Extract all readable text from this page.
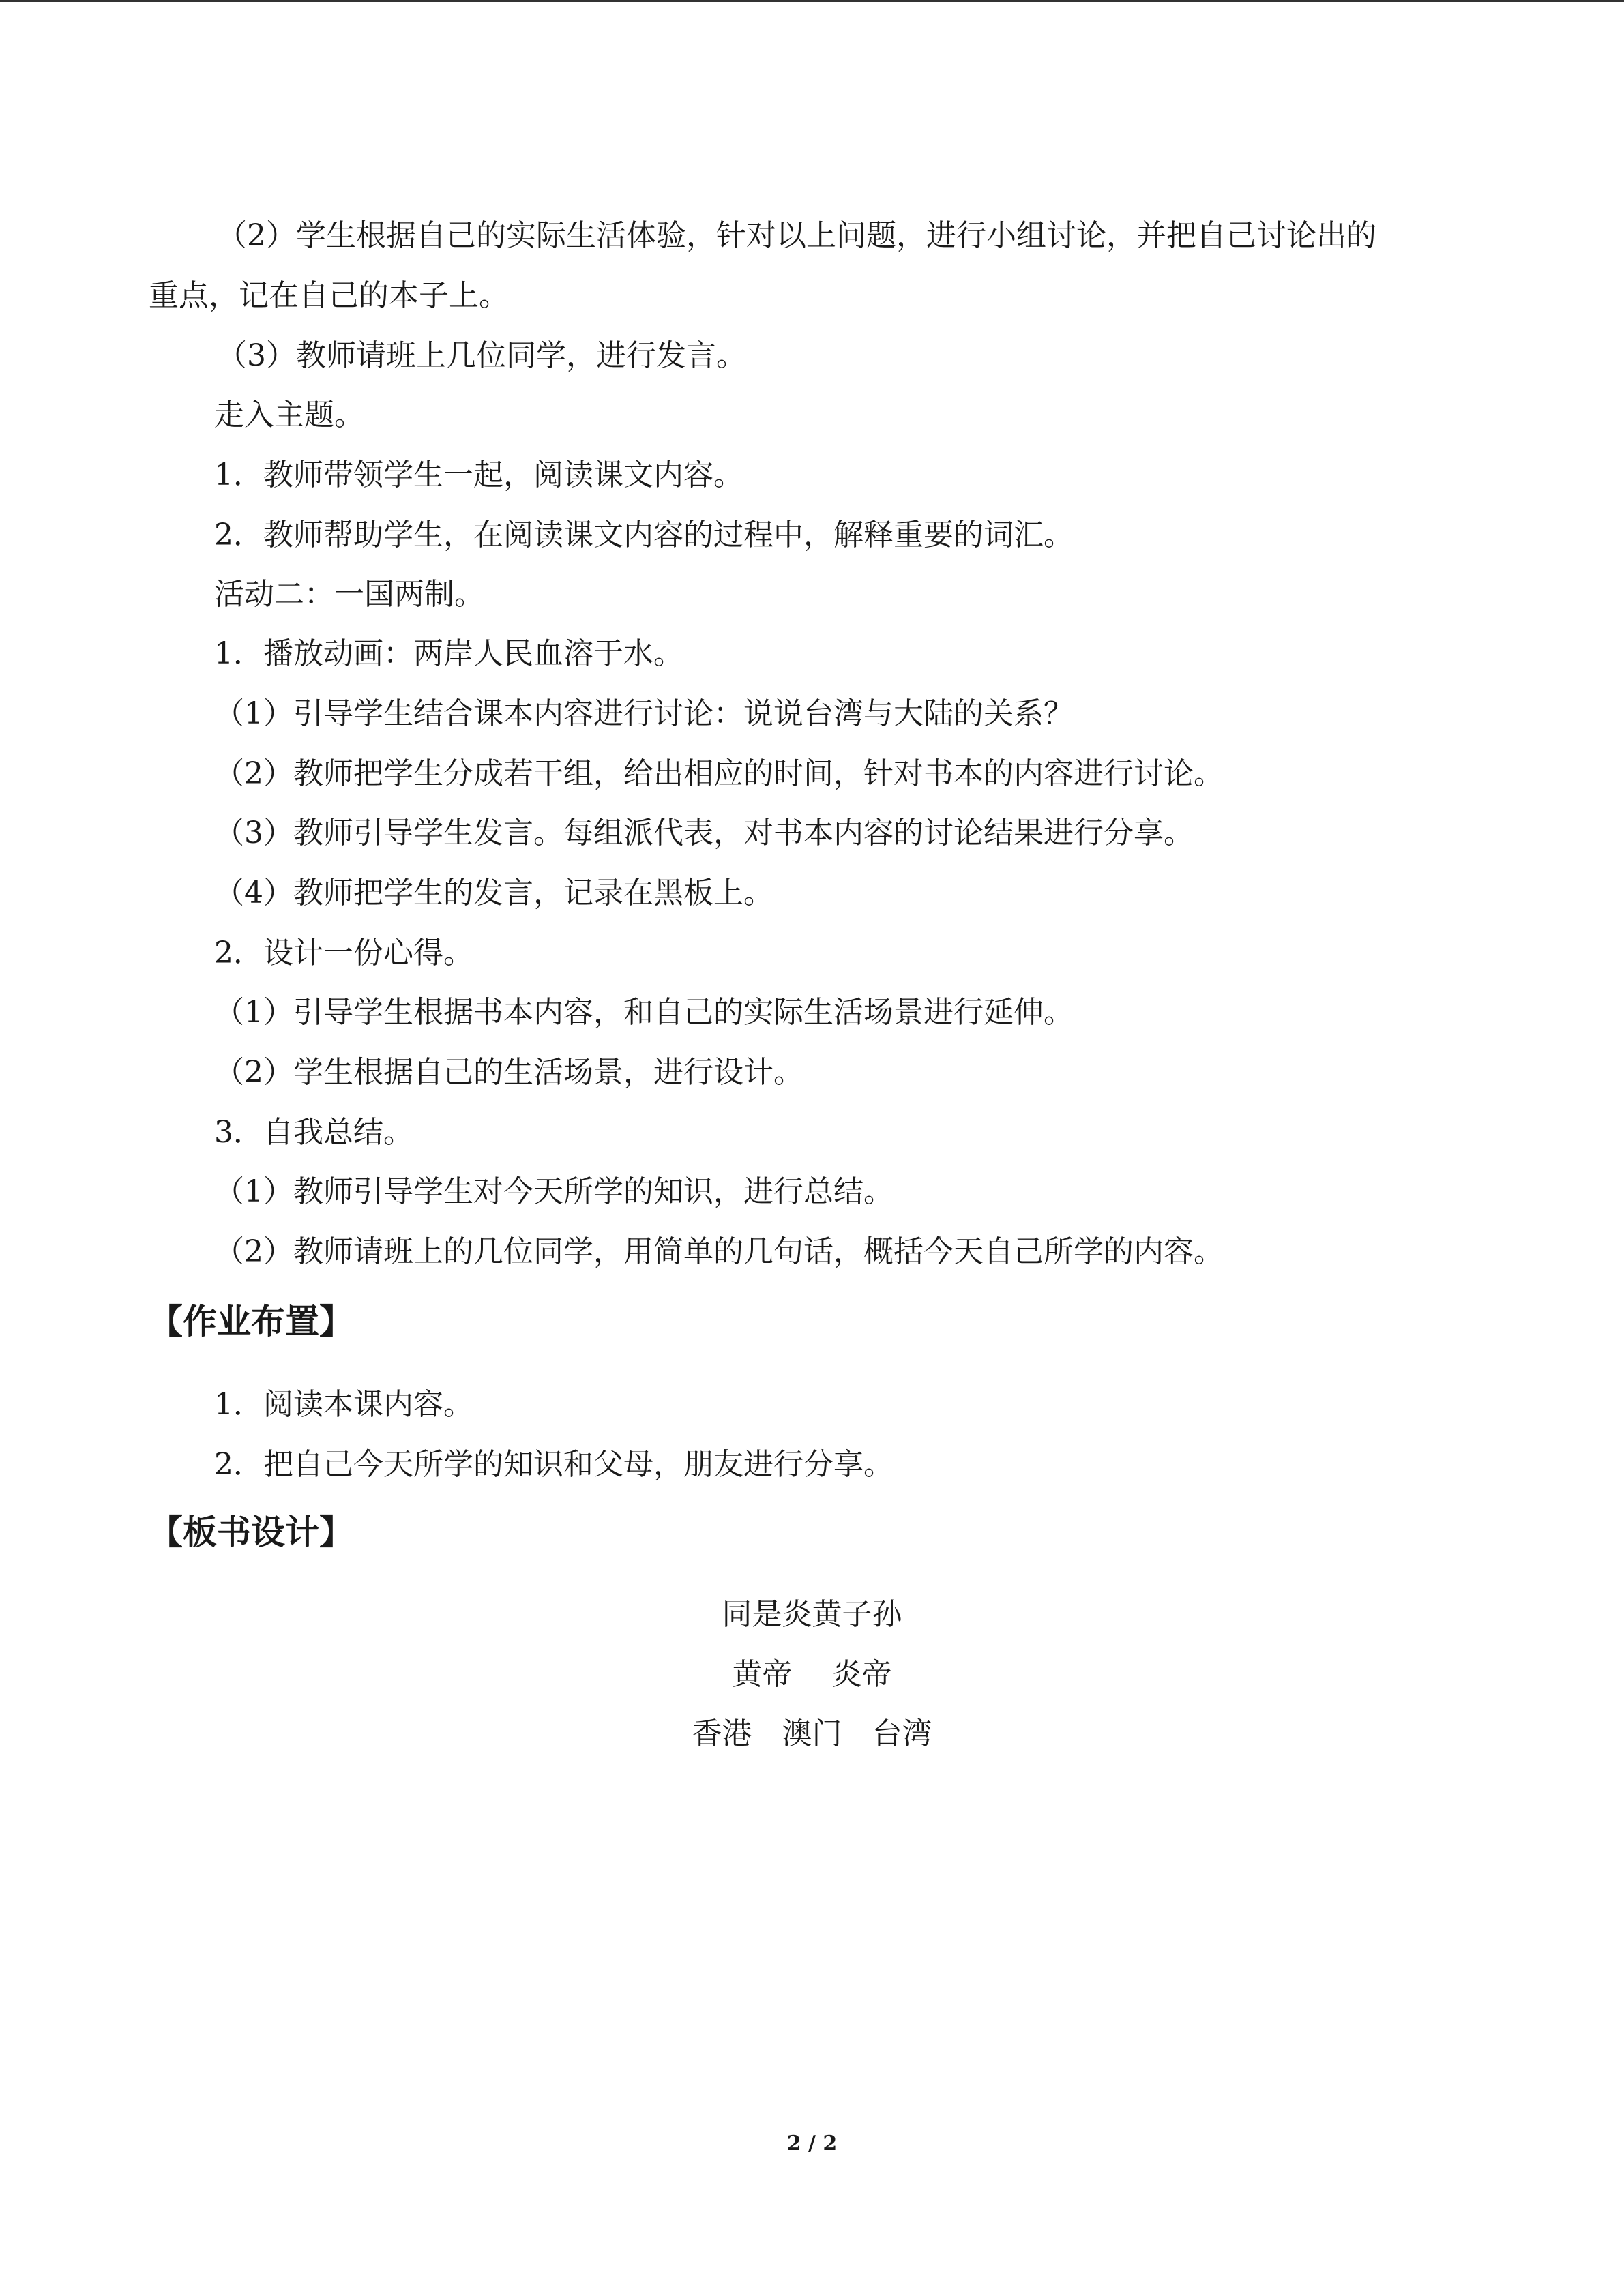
（2）学生根据自己的实际生活体验，针对以上问题，进行小组讨论，并把自己讨论出的
重点，记在自己的本子上。
（3）教师请班上几位同学，进行发言。
走入主题。
1．教师带领学生一起，阅读课文内容。
2．教师帮助学生，在阅读课文内容的过程中，解释重要的词汇。
活动二：一国两制。
1．播放动画：两岸人民血溶于水。
（1）引导学生结合课本内容进行讨论：说说台湾与大陆的关系？
（2）教师把学生分成若干组，给出相应的时间，针对书本的内容进行讨论。
（3）教师引导学生发言。每组派代表，对书本内容的讨论结果进行分享。
（4）教师把学生的发言，记录在黑板上。
2．设计一份心得。
（1）引导学生根据书本内容，和自己的实际生活场景进行延伸。
（2）学生根据自己的生活场景，进行设计。
3．自我总结。
（1）教师引导学生对今天所学的知识，进行总结。
（2）教师请班上的几位同学，用简单的几句话，概括今天自己所学的内容。
【作业布置】
1．阅读本课内容。
2．把自己今天所学的知识和父母，朋友进行分享。
【板书设计】
同是炎黄子孙
黄帝　 炎帝
香港　澳门　台湾
2 / 2
